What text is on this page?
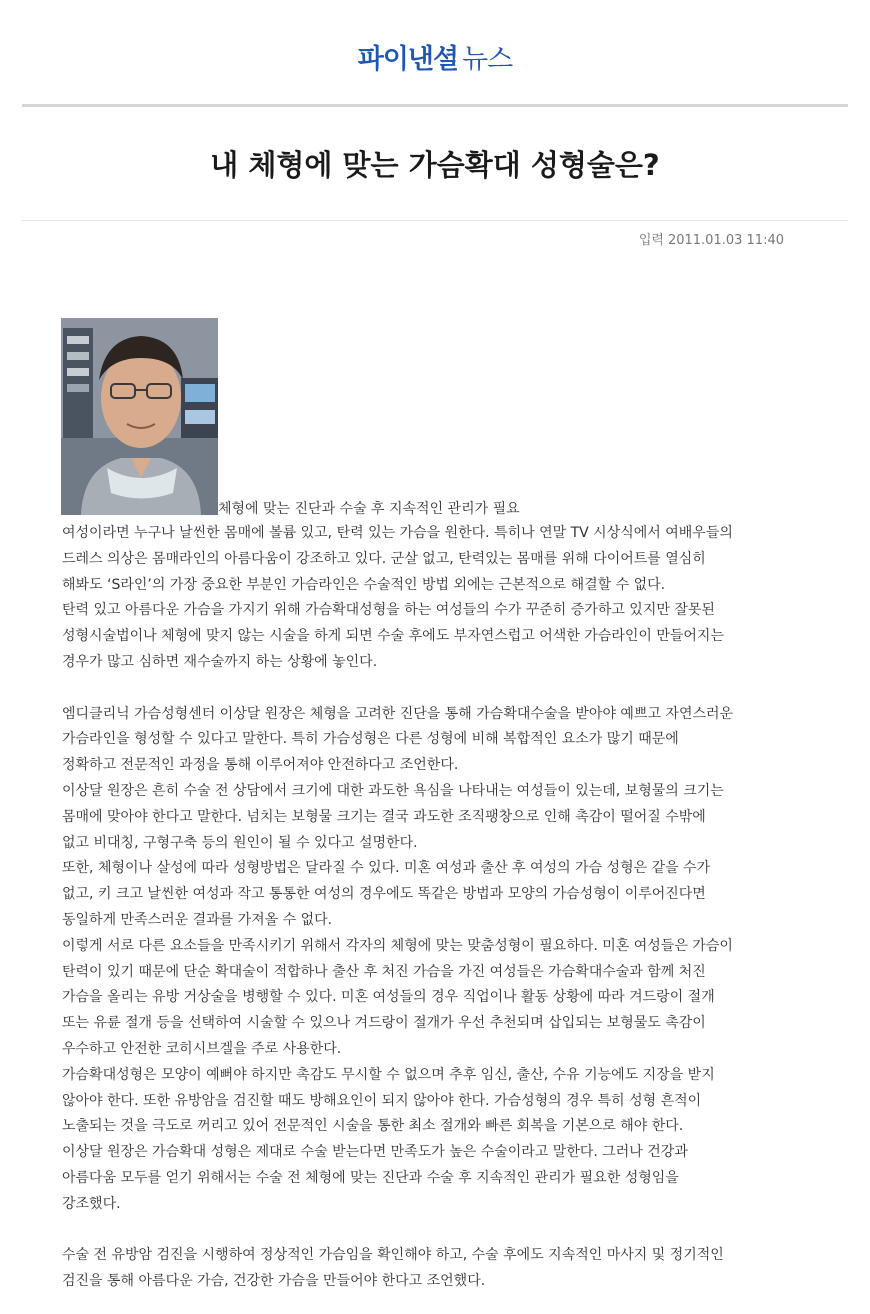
파이낸셜 뉴스
내 체형에 맞는 가슴확대 성형술은?
입력 2011.01.03 11:40
체형에 맞는 진단과 수술 후 지속적인 관리가 필요
여성이라면 누구나 날씬한 몸매에 볼륨 있고, 탄력 있는 가슴을 원한다. 특히나 연말 TV 시상식에서 여배우들의
드레스 의상은 몸매라인의 아름다움이 강조하고 있다. 군살 없고, 탄력있는 몸매를 위해 다이어트를 열심히
해봐도 ‘S라인’의 가장 중요한 부분인 가슴라인은 수술적인 방법 외에는 근본적으로 해결할 수 없다.
탄력 있고 아름다운 가슴을 가지기 위해 가슴확대성형을 하는 여성들의 수가 꾸준히 증가하고 있지만 잘못된
성형시술법이나 체형에 맞지 않는 시술을 하게 되면 수술 후에도 부자연스럽고 어색한 가슴라인이 만들어지는
경우가 많고 심하면 재수술까지 하는 상황에 놓인다.
엠디클리닉 가슴성형센터 이상달 원장은 체형을 고려한 진단을 통해 가슴확대수술을 받아야 예쁘고 자연스러운
가슴라인을 형성할 수 있다고 말한다. 특히 가슴성형은 다른 성형에 비해 복합적인 요소가 많기 때문에
정확하고 전문적인 과정을 통해 이루어져야 안전하다고 조언한다.
이상달 원장은 흔히 수술 전 상담에서 크기에 대한 과도한 욕심을 나타내는 여성들이 있는데, 보형물의 크기는
몸매에 맞아야 한다고 말한다. 넘치는 보형물 크기는 결국 과도한 조직팽창으로 인해 촉감이 떨어질 수밖에
없고 비대칭, 구형구축 등의 원인이 될 수 있다고 설명한다.
또한, 체형이나 살성에 따라 성형방법은 달라질 수 있다. 미혼 여성과 출산 후 여성의 가슴 성형은 같을 수가
없고, 키 크고 날씬한 여성과 작고 통통한 여성의 경우에도 똑같은 방법과 모양의 가슴성형이 이루어진다면
동일하게 만족스러운 결과를 가져올 수 없다.
이렇게 서로 다른 요소들을 만족시키기 위해서 각자의 체형에 맞는 맞춤성형이 필요하다. 미혼 여성들은 가슴이
탄력이 있기 때문에 단순 확대술이 적합하나 출산 후 처진 가슴을 가진 여성들은 가슴확대수술과 함께 처진
가슴을 올리는 유방 거상술을 병행할 수 있다. 미혼 여성들의 경우 직업이나 활동 상황에 따라 겨드랑이 절개
또는 유륜 절개 등을 선택하여 시술할 수 있으나 겨드랑이 절개가 우선 추천되며 삽입되는 보형물도 촉감이
우수하고 안전한 코히시브겔을 주로 사용한다.
가슴확대성형은 모양이 예뻐야 하지만 촉감도 무시할 수 없으며 추후 임신, 출산, 수유 기능에도 지장을 받지
않아야 한다. 또한 유방암을 검진할 때도 방해요인이 되지 않아야 한다. 가슴성형의 경우 특히 성형 흔적이
노출되는 것을 극도로 꺼리고 있어 전문적인 시술을 통한 최소 절개와 빠른 회복을 기본으로 해야 한다.
이상달 원장은 가슴확대 성형은 제대로 수술 받는다면 만족도가 높은 수술이라고 말한다. 그러나 건강과
아름다움 모두를 얻기 위해서는 수술 전 체형에 맞는 진단과 수술 후 지속적인 관리가 필요한 성형임을
강조했다.
수술 전 유방암 검진을 시행하여 정상적인 가슴임을 확인해야 하고, 수술 후에도 지속적인 마사지 및 정기적인
검진을 통해 아름다운 가슴, 건강한 가슴을 만들어야 한다고 조언했다.
